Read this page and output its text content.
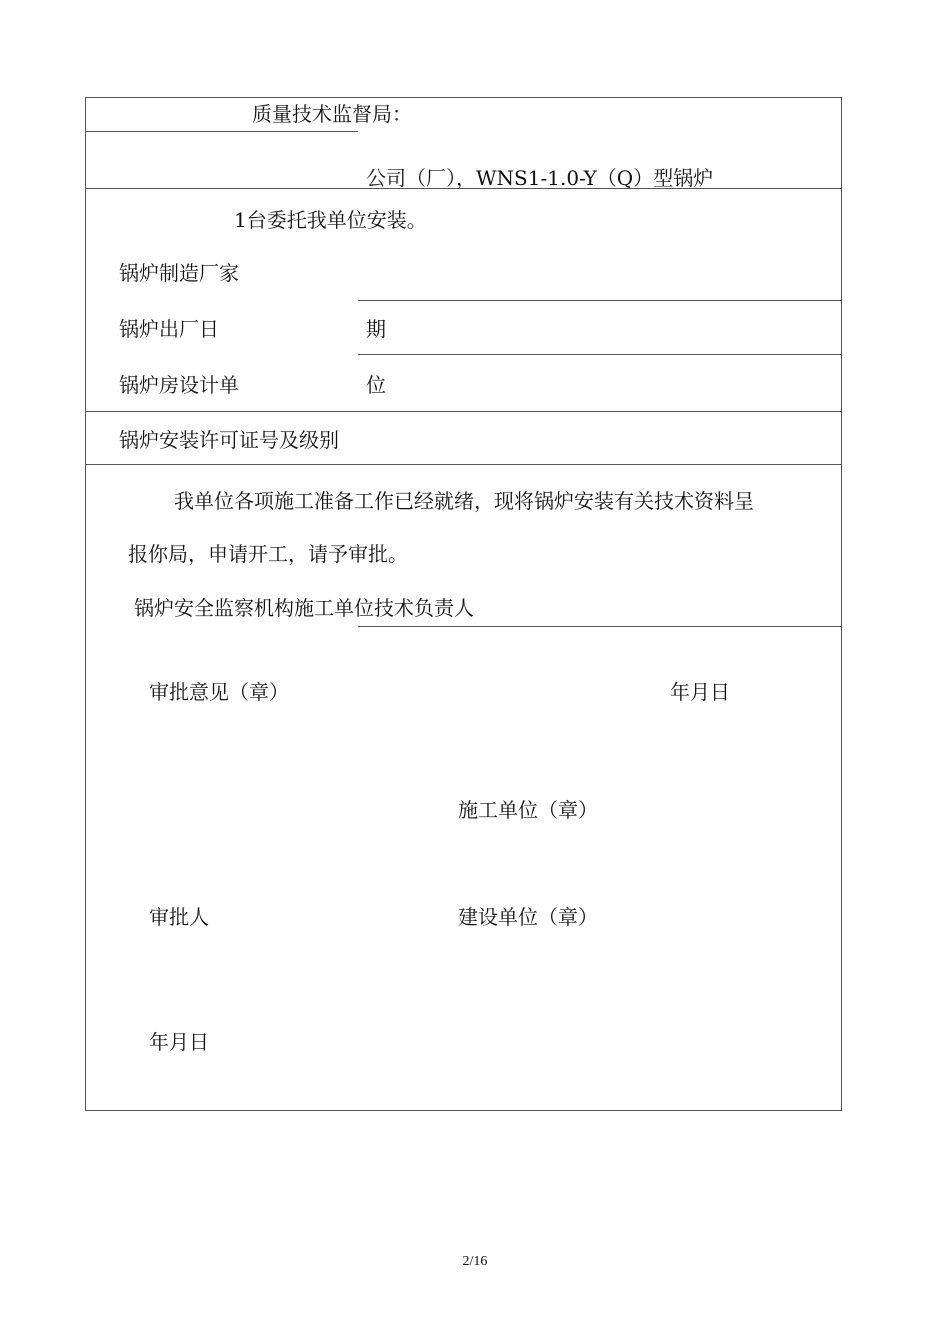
质量技术监督局：
公司（厂），WNS1-1.0-Y（Q）型锅炉
1台委托我单位安装。
锅炉制造厂家
锅炉出厂日	期
锅炉房设计单	位
锅炉安装许可证号及级别
我单位各项施工准备工作已经就绪，现将锅炉安装有关技术资料呈
报你局，申请开工，请予审批。
锅炉安全监察机构施工单位技术负责人
审批意见（章）	年月日
施工单位（章）
审批人	建设单位（章）
年月日
2/16
